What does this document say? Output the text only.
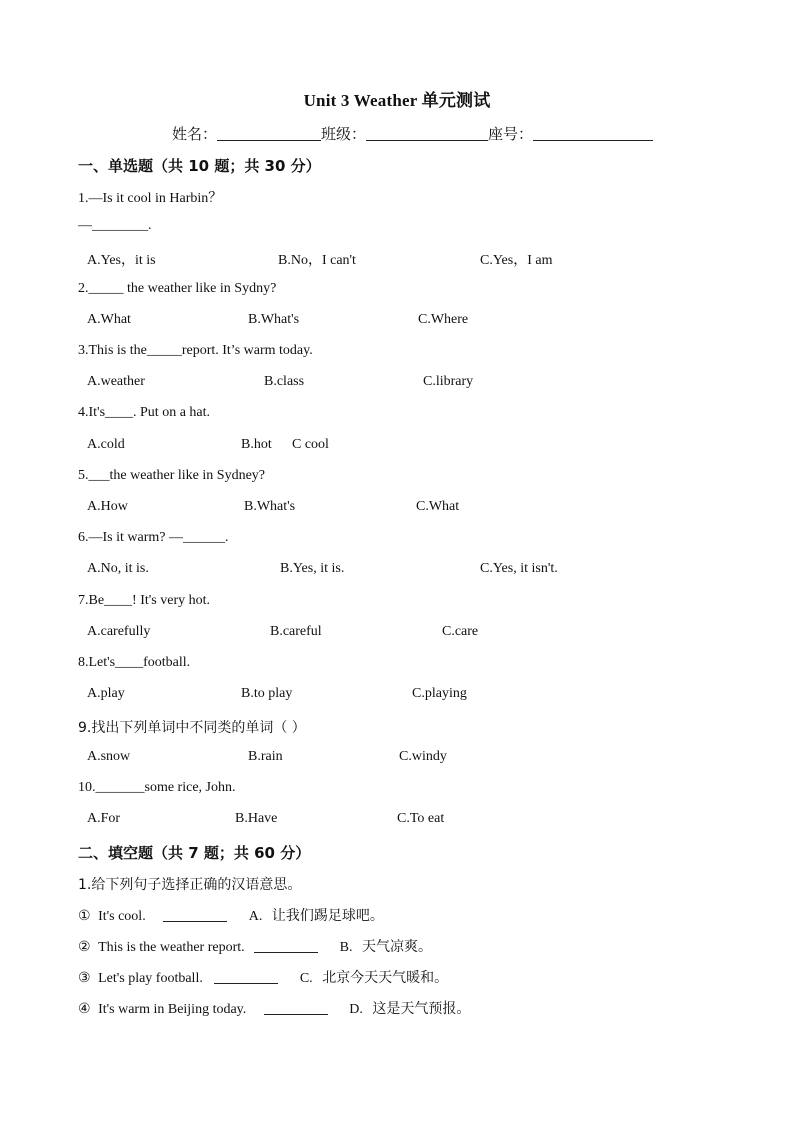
Unit 3 Weather 单元测试
姓名：	班级：	座号：
一、单选题（共 10 题；共 30 分）
1.—Is it cool in Harbin？
—________.
A.Yes，it is	B.No，I can't	C.Yes，I am
2._____ the weather like in Sydny?
A.What	B.What's	C.Where
3.This is the_____report. It’s warm today.
A.weather	B.class	C.library
4.It's____. Put on a hat.
A.cold	B.hot C cool
5.___the weather like in Sydney?
A.How	B.What's	C.What
6.—Is it warm? —______.
A.No, it is.	B.Yes, it is.	C.Yes, it isn't.
7.Be____! It's very hot.
A.carefully	B.careful	C.care
8.Let's____football.
A.play	B.to play	C.playing
9.找出下列单词中不同类的单词（ ）
A.snow	B.rain	C.windy
10._______some rice, John.
A.For	B.Have	C.To eat
二、填空题（共 7 题；共 60 分）
1.给下列句子选择正确的汉语意思。
① It's cool.	A. 让我们踢足球吧。
② This is the weather report.	B. 天气凉爽。
③ Let's play football.	C. 北京今天天气暖和。
④ It's warm in Beijing today.	D. 这是天气预报。
